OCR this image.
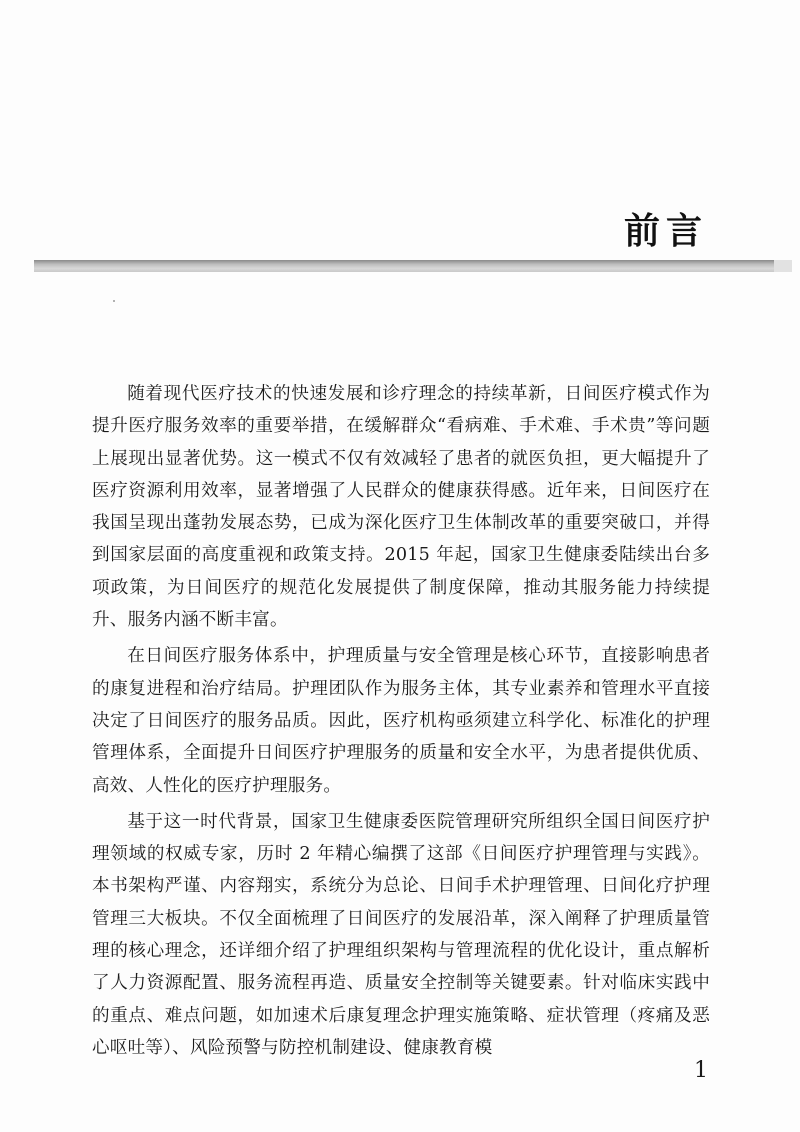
前言

随着现代医疗技术的快速发展和诊疗理念的持续革新，日间医疗模式作为提升医疗服务效率的重要举措，在缓解群众“看病难、手术难、手术贵”等问题上展现出显著优势。这一模式不仅有效减轻了患者的就医负担，更大幅提升了医疗资源利用效率，显著增强了人民群众的健康获得感。近年来，日间医疗在我国呈现出蓬勃发展态势，已成为深化医疗卫生体制改革的重要突破口，并得到国家层面的高度重视和政策支持。2015 年起，国家卫生健康委陆续出台多项政策，为日间医疗的规范化发展提供了制度保障，推动其服务能力持续提升、服务内涵不断丰富。

在日间医疗服务体系中，护理质量与安全管理是核心环节，直接影响患者的康复进程和治疗结局。护理团队作为服务主体，其专业素养和管理水平直接决定了日间医疗的服务品质。因此，医疗机构亟须建立科学化、标准化的护理管理体系，全面提升日间医疗护理服务的质量和安全水平，为患者提供优质、高效、人性化的医疗护理服务。

基于这一时代背景，国家卫生健康委医院管理研究所组织全国日间医疗护理领域的权威专家，历时 2 年精心编撰了这部《日间医疗护理管理与实践》。本书架构严谨、内容翔实，系统分为总论、日间手术护理管理、日间化疗护理管理三大板块。不仅全面梳理了日间医疗的发展沿革，深入阐释了护理质量管理的核心理念，还详细介绍了护理组织架构与管理流程的优化设计，重点解析了人力资源配置、服务流程再造、质量安全控制等关键要素。针对临床实践中的重点、难点问题，如加速术后康复理念护理实施策略、症状管理（疼痛及恶心呕吐等）、风险预警与防控机制建设、健康教育模

1
